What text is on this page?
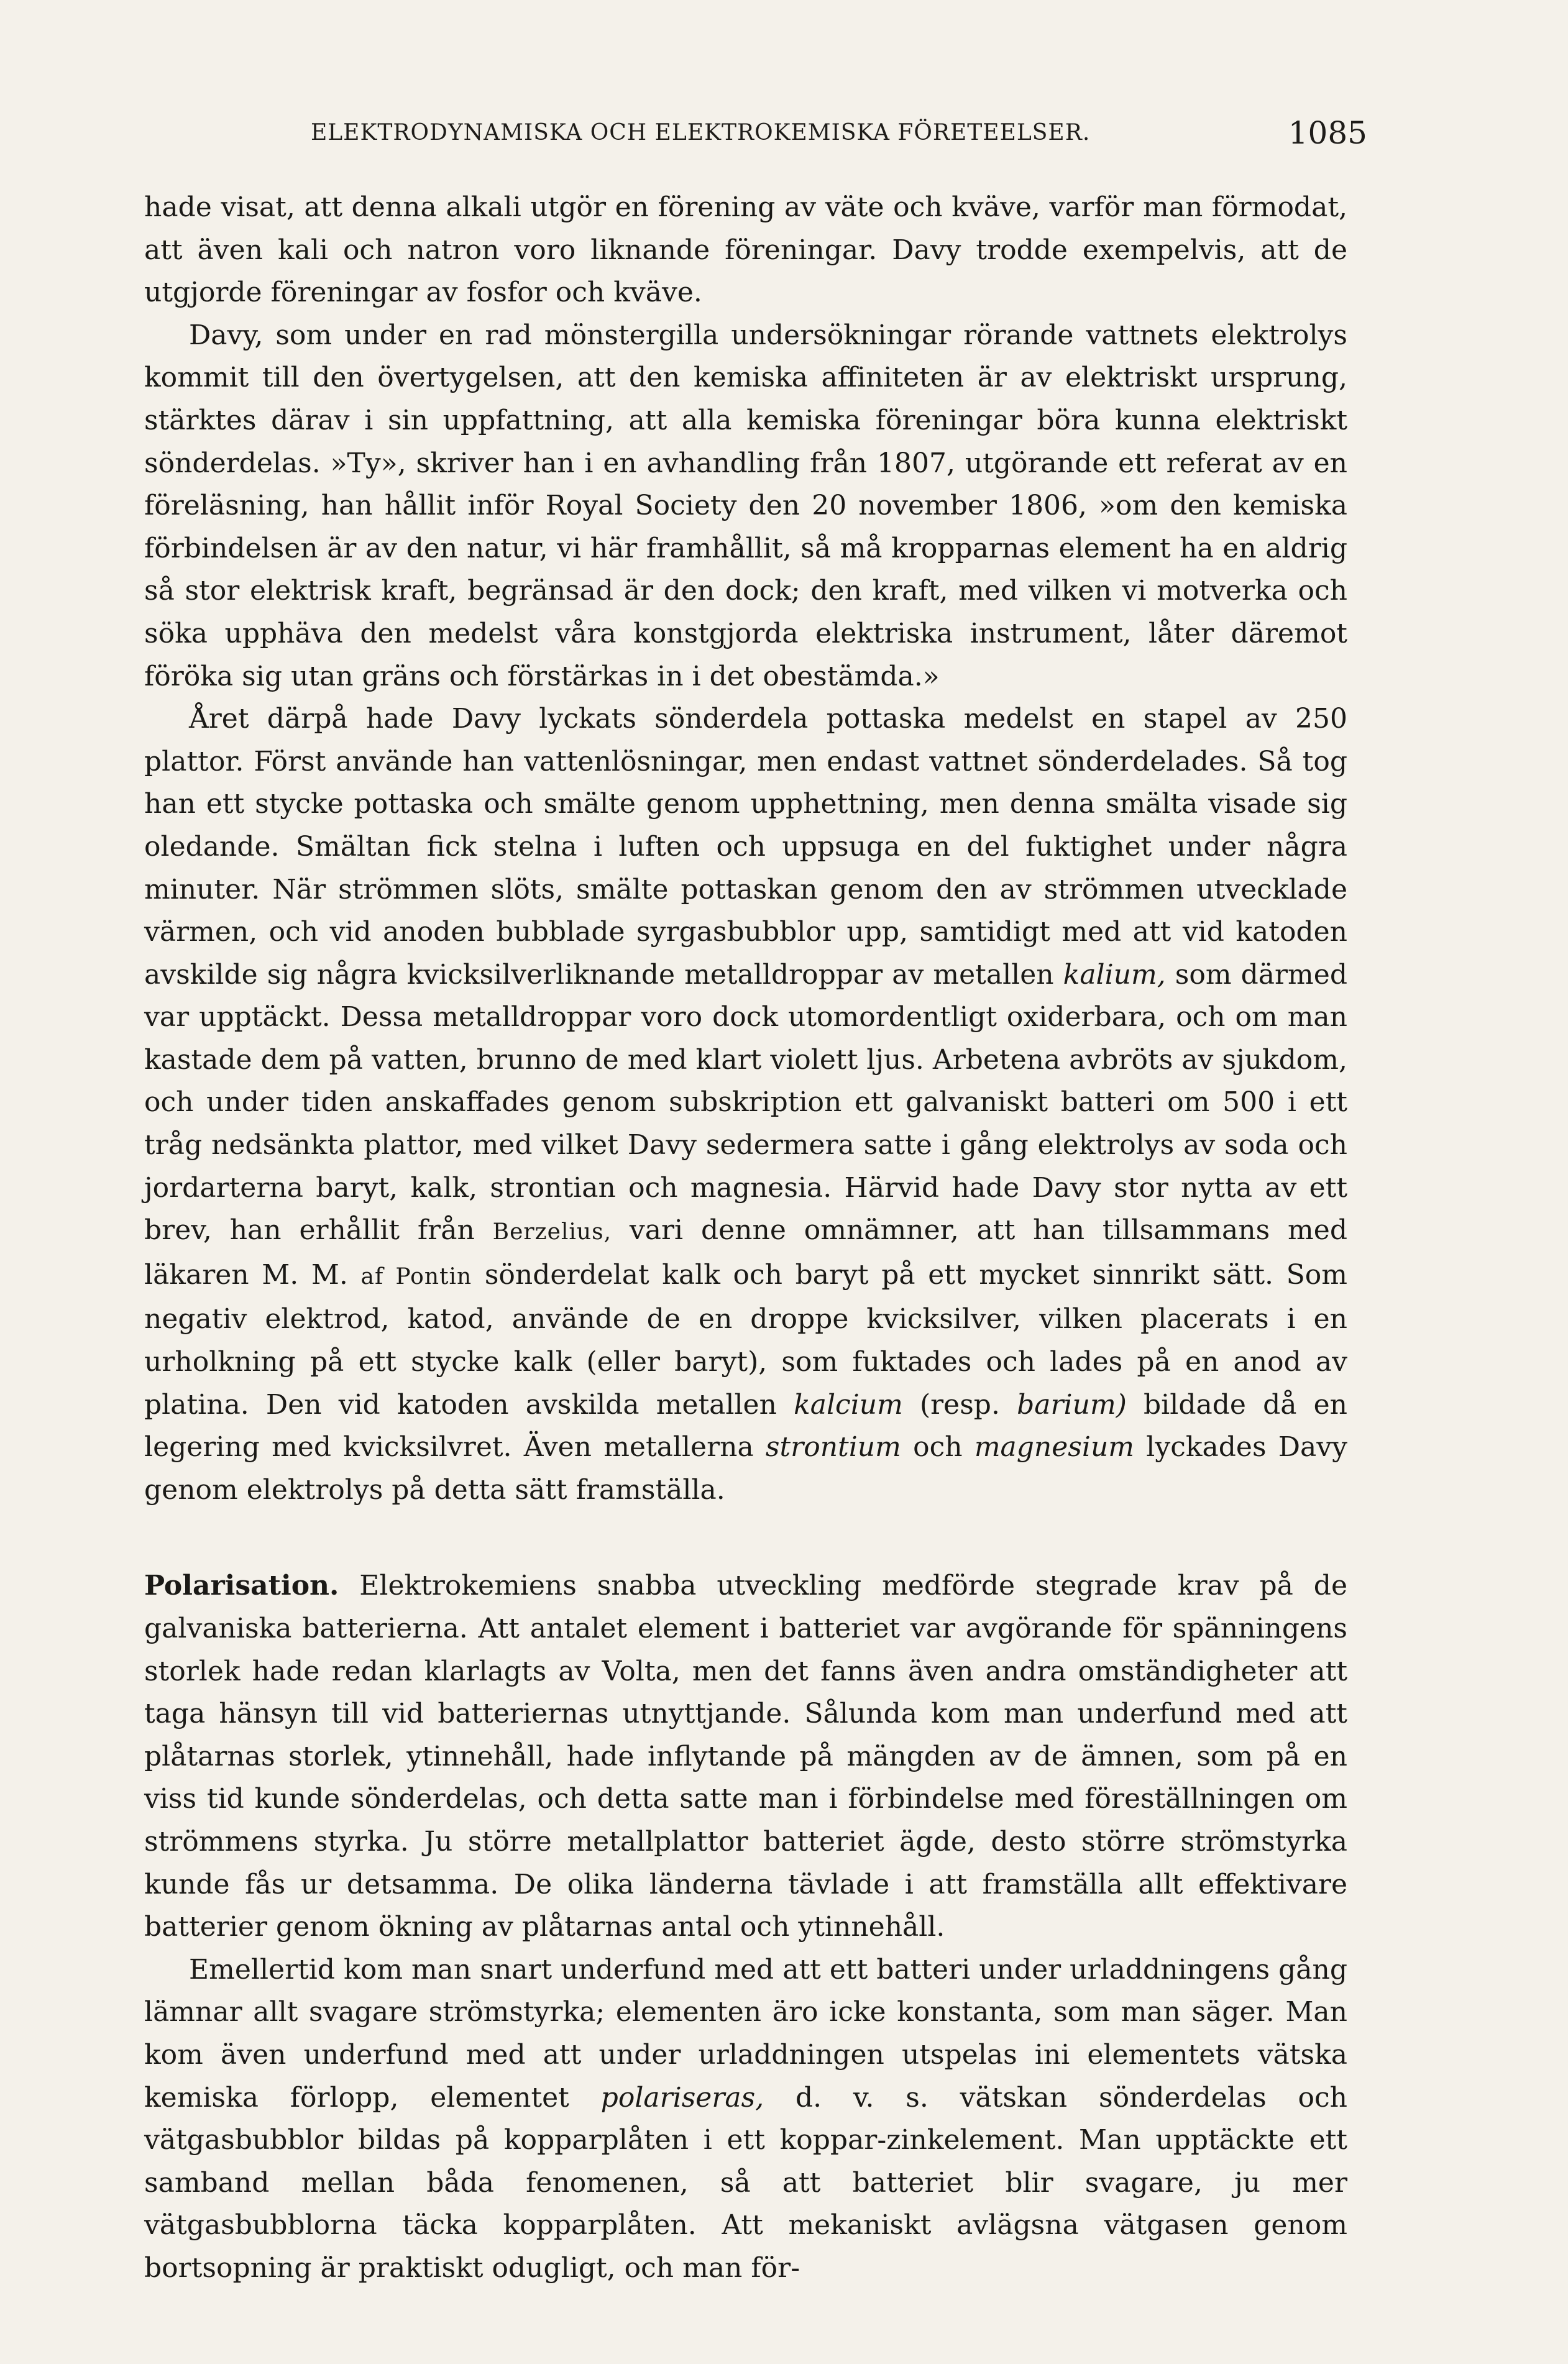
ELEKTRODYNAMISKA OCH ELEKTROKEMISKA FÖRETEELSER.	1085

hade visat, att denna alkali utgör en förening av väte och kväve, varför man förmodat, att även kali och natron voro liknande föreningar. Davy trodde exempelvis, att de utgjorde föreningar av fosfor och kväve.

Davy, som under en rad mönstergilla undersökningar rörande vattnets elektrolys kommit till den övertygelsen, att den kemiska affiniteten är av elektriskt ursprung, stärktes därav i sin uppfattning, att alla kemiska föreningar böra kunna elektriskt sönderdelas. »Ty», skriver han i en avhandling från 1807, utgörande ett referat av en föreläsning, han hållit inför Royal Society den 20 november 1806, »om den kemiska förbindelsen är av den natur, vi här framhållit, så må kropparnas element ha en aldrig så stor elektrisk kraft, begränsad är den dock; den kraft, med vilken vi motverka och söka upphäva den medelst våra konstgjorda elektriska instrument, låter däremot föröka sig utan gräns och förstärkas in i det obestämda.»

Året därpå hade Davy lyckats sönderdela pottaska medelst en stapel av 250 plattor. Först använde han vattenlösningar, men endast vattnet sönderdelades. Så tog han ett stycke pottaska och smälte genom upphettning, men denna smälta visade sig oledande. Smältan fick stelna i luften och uppsuga en del fuktighet under några minuter. När strömmen slöts, smälte pottaskan genom den av strömmen utvecklade värmen, och vid anoden bubblade syrgasbubblor upp, samtidigt med att vid katoden avskilde sig några kvicksilverliknande metalldroppar av metallen kalium, som därmed var upptäckt. Dessa metalldroppar voro dock utomordentligt oxiderbara, och om man kastade dem på vatten, brunno de med klart violett ljus. Arbetena avbröts av sjukdom, och under tiden anskaffades genom subskription ett galvaniskt batteri om 500 i ett tråg nedsänkta plattor, med vilket Davy sedermera satte i gång elektrolys av soda och jordarterna baryt, kalk, strontian och magnesia. Härvid hade Davy stor nytta av ett brev, han erhållit från Berzelius, vari denne omnämner, att han tillsammans med läkaren M. M. af Pontin sönderdelat kalk och baryt på ett mycket sinnrikt sätt. Som negativ elektrod, katod, använde de en droppe kvicksilver, vilken placerats i en urholkning på ett stycke kalk (eller baryt), som fuktades och lades på en anod av platina. Den vid katoden avskilda metallen kalcium (resp. barium) bildade då en legering med kvicksilvret. Även metallerna strontium och magnesium lyckades Davy genom elektrolys på detta sätt framställa.

Polarisation. Elektrokemiens snabba utveckling medförde stegrade krav på de galvaniska batterierna. Att antalet element i batteriet var avgörande för spänningens storlek hade redan klarlagts av Volta, men det fanns även andra omständigheter att taga hänsyn till vid batteriernas utnyttjande. Sålunda kom man underfund med att plåtarnas storlek, ytinnehåll, hade inflytande på mängden av de ämnen, som på en viss tid kunde sönderdelas, och detta satte man i förbindelse med föreställningen om strömmens styrka. Ju större metallplattor batteriet ägde, desto större strömstyrka kunde fås ur detsamma. De olika länderna tävlade i att framställa allt effektivare batterier genom ökning av plåtarnas antal och ytinnehåll.

Emellertid kom man snart underfund med att ett batteri under urladdningens gång lämnar allt svagare strömstyrka; elementen äro icke konstanta, som man säger. Man kom även underfund med att under urladdningen utspelas ini elementets vätska kemiska förlopp, elementet polariseras, d. v. s. vätskan sönderdelas och vätgasbubblor bildas på kopparplåten i ett koppar-zinkelement. Man upptäckte ett samband mellan båda fenomenen, så att batteriet blir svagare, ju mer vätgasbubblorna täcka kopparplåten. Att mekaniskt avlägsna vätgasen genom bortsopning är praktiskt odugligt, och man för-
